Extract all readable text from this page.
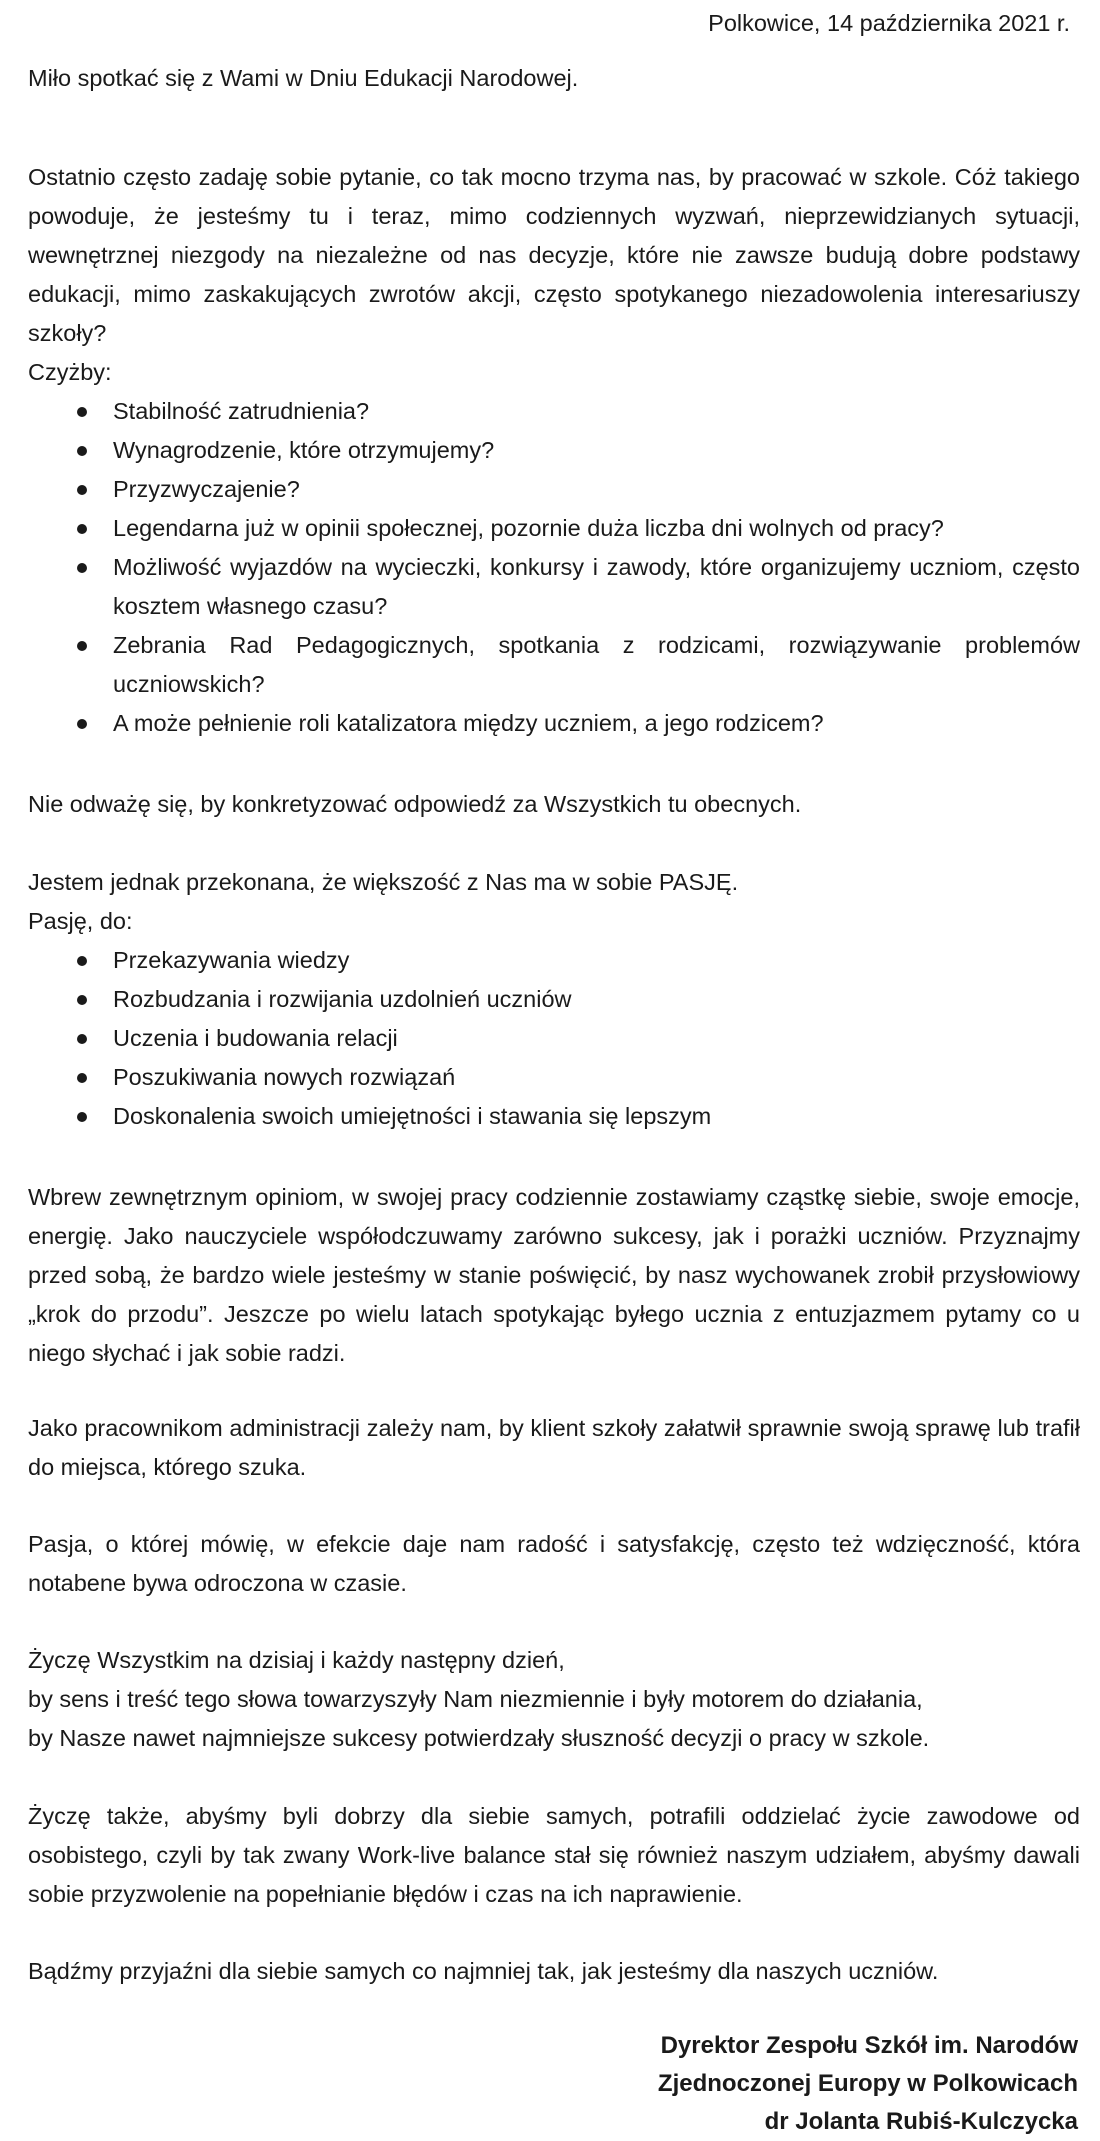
Polkowice, 14 października 2021 r.

Miło spotkać się z Wami w Dniu Edukacji Narodowej.

Ostatnio często zadaję sobie pytanie, co tak mocno trzyma nas, by pracować w szkole. Cóż takiego powoduje, że jesteśmy tu i teraz, mimo codziennych wyzwań, nieprzewidzianych sytuacji, wewnętrznej niezgody na niezależne od nas decyzje, które nie zawsze budują dobre podstawy edukacji, mimo zaskakujących zwrotów akcji, często spotykanego niezadowolenia interesariuszy szkoły?

Czyżby:

Stabilność zatrudnienia?
Wynagrodzenie, które otrzymujemy?
Przyzwyczajenie?
Legendarna już w opinii społecznej, pozornie duża liczba dni wolnych od pracy?
Możliwość wyjazdów na wycieczki, konkursy i zawody, które organizujemy uczniom, często kosztem własnego czasu?
Zebrania Rad Pedagogicznych, spotkania z rodzicami, rozwiązywanie problemów uczniowskich?
A może pełnienie roli katalizatora między uczniem, a jego rodzicem?

Nie odważę się, by konkretyzować odpowiedź za Wszystkich tu obecnych.

Jestem jednak przekonana, że większość z Nas ma w sobie PASJĘ.

Pasję, do:

Przekazywania wiedzy
Rozbudzania i rozwijania uzdolnień uczniów
Uczenia i budowania relacji
Poszukiwania nowych rozwiązań
Doskonalenia swoich umiejętności i stawania się lepszym

Wbrew zewnętrznym opiniom, w swojej pracy codziennie zostawiamy cząstkę siebie, swoje emocje, energię. Jako nauczyciele współodczuwamy zarówno sukcesy, jak i porażki uczniów. Przyznajmy przed sobą, że bardzo wiele jesteśmy w stanie poświęcić, by nasz wychowanek zrobił przysłowiowy „krok do przodu”. Jeszcze po wielu latach spotykając byłego ucznia z entuzjazmem pytamy co u niego słychać i jak sobie radzi.

Jako pracownikom administracji zależy nam, by klient szkoły załatwił sprawnie swoją sprawę lub trafił do miejsca, którego szuka.

Pasja, o której mówię, w efekcie daje nam radość i satysfakcję, często też wdzięczność, która notabene bywa odroczona w czasie.

Życzę Wszystkim na dzisiaj i każdy następny dzień,

by sens i treść tego słowa towarzyszyły Nam niezmiennie i były motorem do działania,

by Nasze nawet najmniejsze sukcesy potwierdzały słuszność decyzji o pracy w szkole.

Życzę także, abyśmy byli dobrzy dla siebie samych, potrafili oddzielać życie zawodowe od osobistego, czyli by tak zwany Work-live balance stał się również naszym udziałem, abyśmy dawali sobie przyzwolenie na popełnianie błędów i czas na ich naprawienie.

Bądźmy przyjaźni dla siebie samych co najmniej tak, jak jesteśmy dla naszych uczniów.

Dyrektor Zespołu Szkół im. Narodów
Zjednoczonej Europy w Polkowicach
dr Jolanta Rubiś-Kulczycka
